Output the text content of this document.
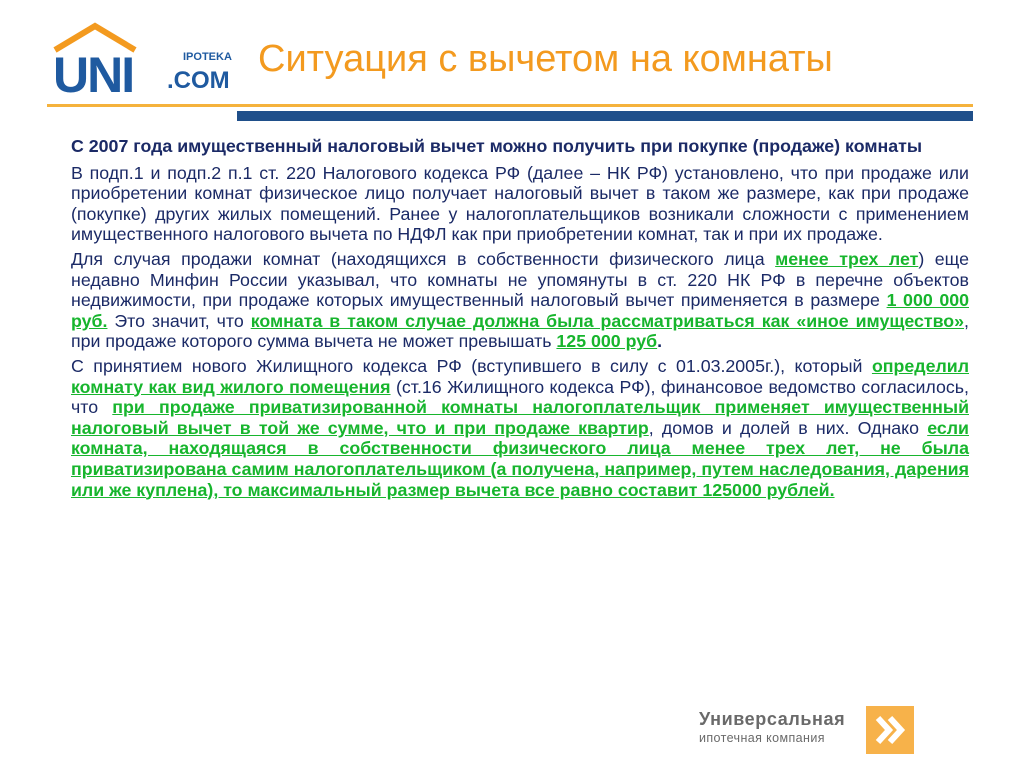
UNI	IPOTEKA
.COM
Ситуация с вычетом на комнаты

С 2007 года имущественный налоговый вычет можно получить при покупке (продаже) комнаты

В подп.1 и подп.2 п.1 ст. 220 Налогового кодекса РФ (далее – НК РФ) установлено, что при продаже или приобретении комнат физическое лицо получает налоговый вычет в таком же размере, как при продаже (покупке) других жилых помещений. Ранее у налогоплательщиков возникали сложности с применением имущественного налогового вычета по НДФЛ как при приобретении комнат, так и при их продаже.

Для случая продажи комнат (находящихся в собственности физического лица менее трех лет) еще недавно Минфин России указывал, что комнаты не упомянуты в ст. 220 НК РФ в перечне объектов недвижимости, при продаже которых имущественный налоговый вычет применяется в размере 1 000 000 руб. Это значит, что комната в таком случае должна была рассматриваться как «иное имущество», при продаже которого сумма вычета не может превышать 125 000 руб.

С принятием нового Жилищного кодекса РФ (вступившего в силу с 01.03.2005г.), который определил комнату как вид жилого помещения (ст.16 Жилищного кодекса РФ), финансовое ведомство согласилось, что при продаже приватизированной комнаты налогоплательщик применяет имущественный налоговый вычет в той же сумме, что и при продаже квартир, домов и долей в них. Однако если комната, находящаяся в собственности физического лица менее трех лет, не была приватизирована самим налогоплательщиком (а получена, например, путем наследования, дарения или же куплена), то максимальный размер вычета все равно составит 125000 рублей.

Универсальная
ипотечная компания
